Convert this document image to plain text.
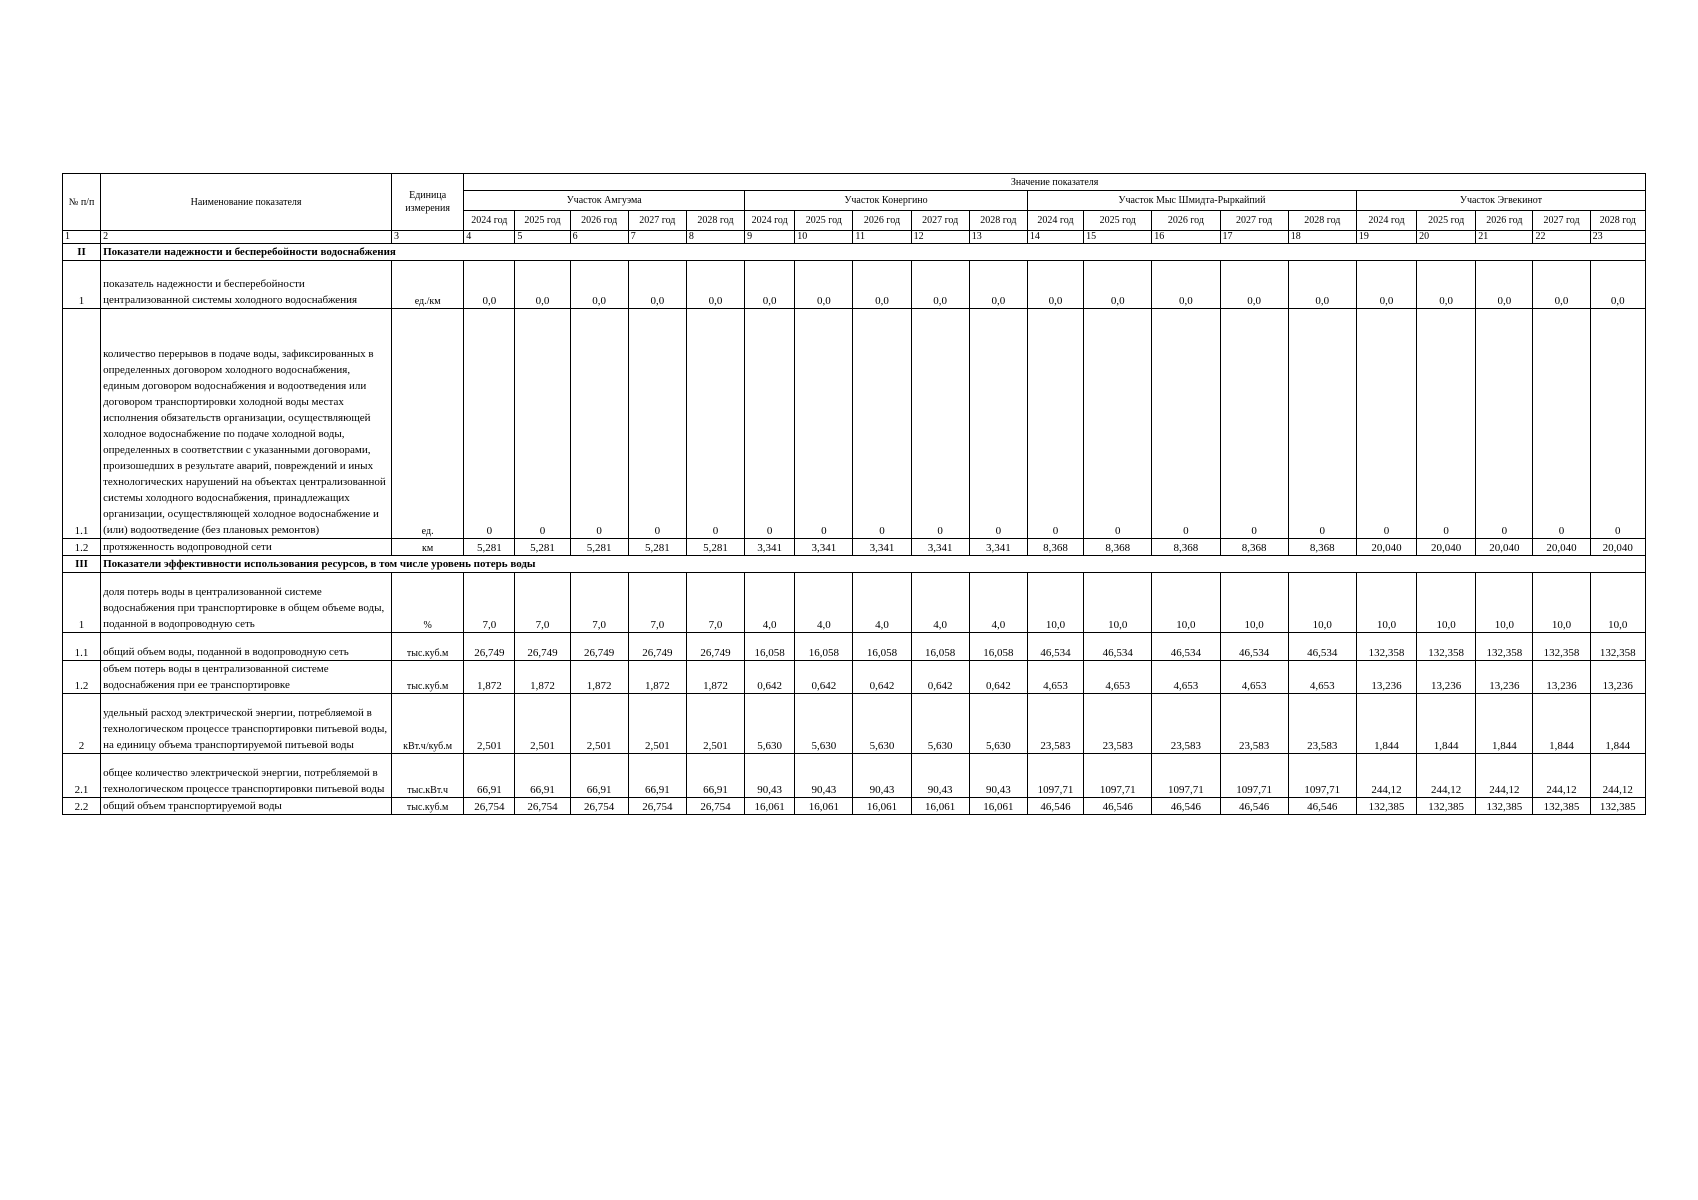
№ п/п	Наименование показателя	Единица измерения	Значение показателя																			
			Участок Амгуэма					Участок Конергино					Участок Мыс Шмидта-Рыркайпий					Участок Эгвекинот				
			2024 год	2025 год	2026 год	2027 год	2028 год	2024 год	2025 год	2026 год	2027 год	2028 год	2024 год	2025 год	2026 год	2027 год	2028 год	2024 год	2025 год	2026 год	2027 год	2028 год
1	2	3	4	5	6	7	8	9	10	11	12	13	14	15	16	17	18	19	20	21	22	23
II	Показатели надежности и бесперебойности водоснабжения																					
1	показатель надежности и бесперебойности централизованной системы холодного водоснабжения	ед./км	0,0	0,0	0,0	0,0	0,0	0,0	0,0	0,0	0,0	0,0	0,0	0,0	0,0	0,0	0,0	0,0	0,0	0,0	0,0	0,0
1.1	количество перерывов в подаче воды, зафиксированных в определенных договором холодного водоснабжения, единым договором водоснабжения и водоотведения или договором транспортировки холодной воды местах исполнения обязательств организации, осуществляющей холодное водоснабжение по подаче холодной воды, определенных в соответствии с указанными договорами, произошедших в результате аварий, повреждений и иных технологических нарушений на объектах централизованной системы холодного водоснабжения, принадлежащих организации, осуществляющей холодное водоснабжение и (или) водоотведение (без плановых ремонтов)	ед.	0	0	0	0	0	0	0	0	0	0	0	0	0	0	0	0	0	0	0	0
1.2	протяженность водопроводной сети	км	5,281	5,281	5,281	5,281	5,281	3,341	3,341	3,341	3,341	3,341	8,368	8,368	8,368	8,368	8,368	20,040	20,040	20,040	20,040	20,040
III	Показатели эффективности использования ресурсов, в том числе уровень потерь воды																					
1	доля потерь воды в централизованной системе водоснабжения при транспортировке в общем объеме воды, поданной в водопроводную сеть	%	7,0	7,0	7,0	7,0	7,0	4,0	4,0	4,0	4,0	4,0	10,0	10,0	10,0	10,0	10,0	10,0	10,0	10,0	10,0	10,0
1.1	общий объем воды, поданной в водопроводную сеть	тыс.куб.м	26,749	26,749	26,749	26,749	26,749	16,058	16,058	16,058	16,058	16,058	46,534	46,534	46,534	46,534	46,534	132,358	132,358	132,358	132,358	132,358
1.2	объем потерь воды в централизованной системе водоснабжения при ее транспортировке	тыс.куб.м	1,872	1,872	1,872	1,872	1,872	0,642	0,642	0,642	0,642	0,642	4,653	4,653	4,653	4,653	4,653	13,236	13,236	13,236	13,236	13,236
2	удельный расход электрической энергии, потребляемой в технологическом процессе транспортировки питьевой воды, на единицу объема транспортируемой питьевой воды	кВт.ч/куб.м	2,501	2,501	2,501	2,501	2,501	5,630	5,630	5,630	5,630	5,630	23,583	23,583	23,583	23,583	23,583	1,844	1,844	1,844	1,844	1,844
2.1	общее количество электрической энергии, потребляемой в технологическом процессе транспортировки питьевой воды	тыс.кВт.ч	66,91	66,91	66,91	66,91	66,91	90,43	90,43	90,43	90,43	90,43	1097,71	1097,71	1097,71	1097,71	1097,71	244,12	244,12	244,12	244,12	244,12
2.2	общий объем транспортируемой воды	тыс.куб.м	26,754	26,754	26,754	26,754	26,754	16,061	16,061	16,061	16,061	16,061	46,546	46,546	46,546	46,546	46,546	132,385	132,385	132,385	132,385	132,385
